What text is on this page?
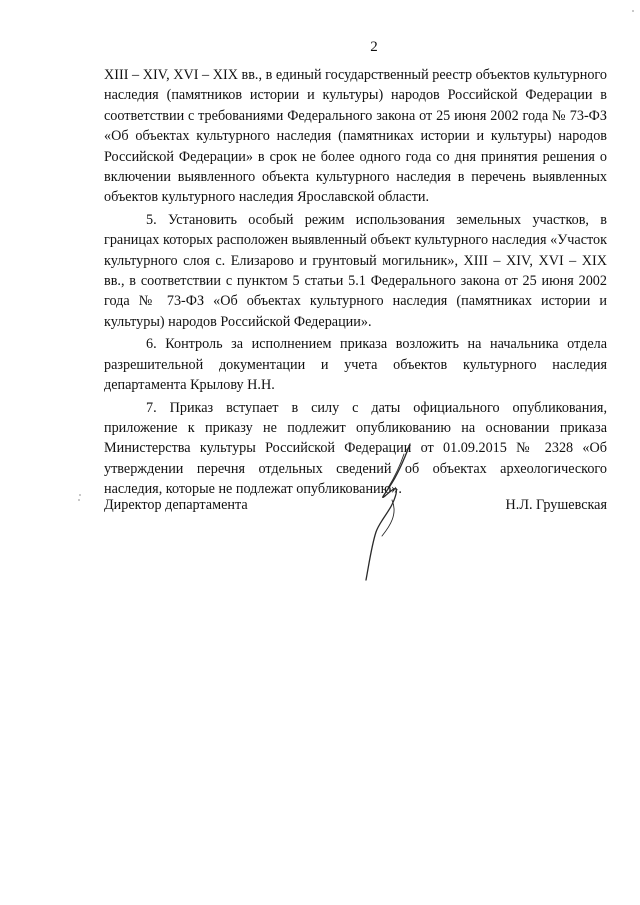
2

XIII – XIV, XVI – XIX вв., в единый государственный реестр объектов культурного наследия (памятников истории и культуры) народов Российской Федерации в соответствии с требованиями Федерального закона от 25 июня 2002 года № 73-ФЗ «Об объектах культурного наследия (памятниках истории и культуры) народов Российской Федерации» в срок не более одного года со дня принятия решения о включении выявленного объекта культурного наследия в перечень выявленных объектов культурного наследия Ярославской области.

5. Установить особый режим использования земельных участков, в границах которых расположен выявленный объект культурного наследия «Участок культурного слоя с. Елизарово и грунтовый могильник», XIII – XIV, XVI – XIX вв., в соответствии с пунктом 5 статьи 5.1 Федерального закона от 25 июня 2002 года № 73-ФЗ «Об объектах культурного наследия (памятниках истории и культуры) народов Российской Федерации».

6. Контроль за исполнением приказа возложить на начальника отдела разрешительной документации и учета объектов культурного наследия департамента Крылову Н.Н.

7. Приказ вступает в силу с даты официального опубликования, приложение к приказу не подлежит опубликованию на основании приказа Министерства культуры Российской Федерации от 01.09.2015 № 2328 «Об утверждении перечня отдельных сведений об объектах археологического наследия, которые не подлежат опубликованию».

Директор департамента	Н.Л. Грушевская
